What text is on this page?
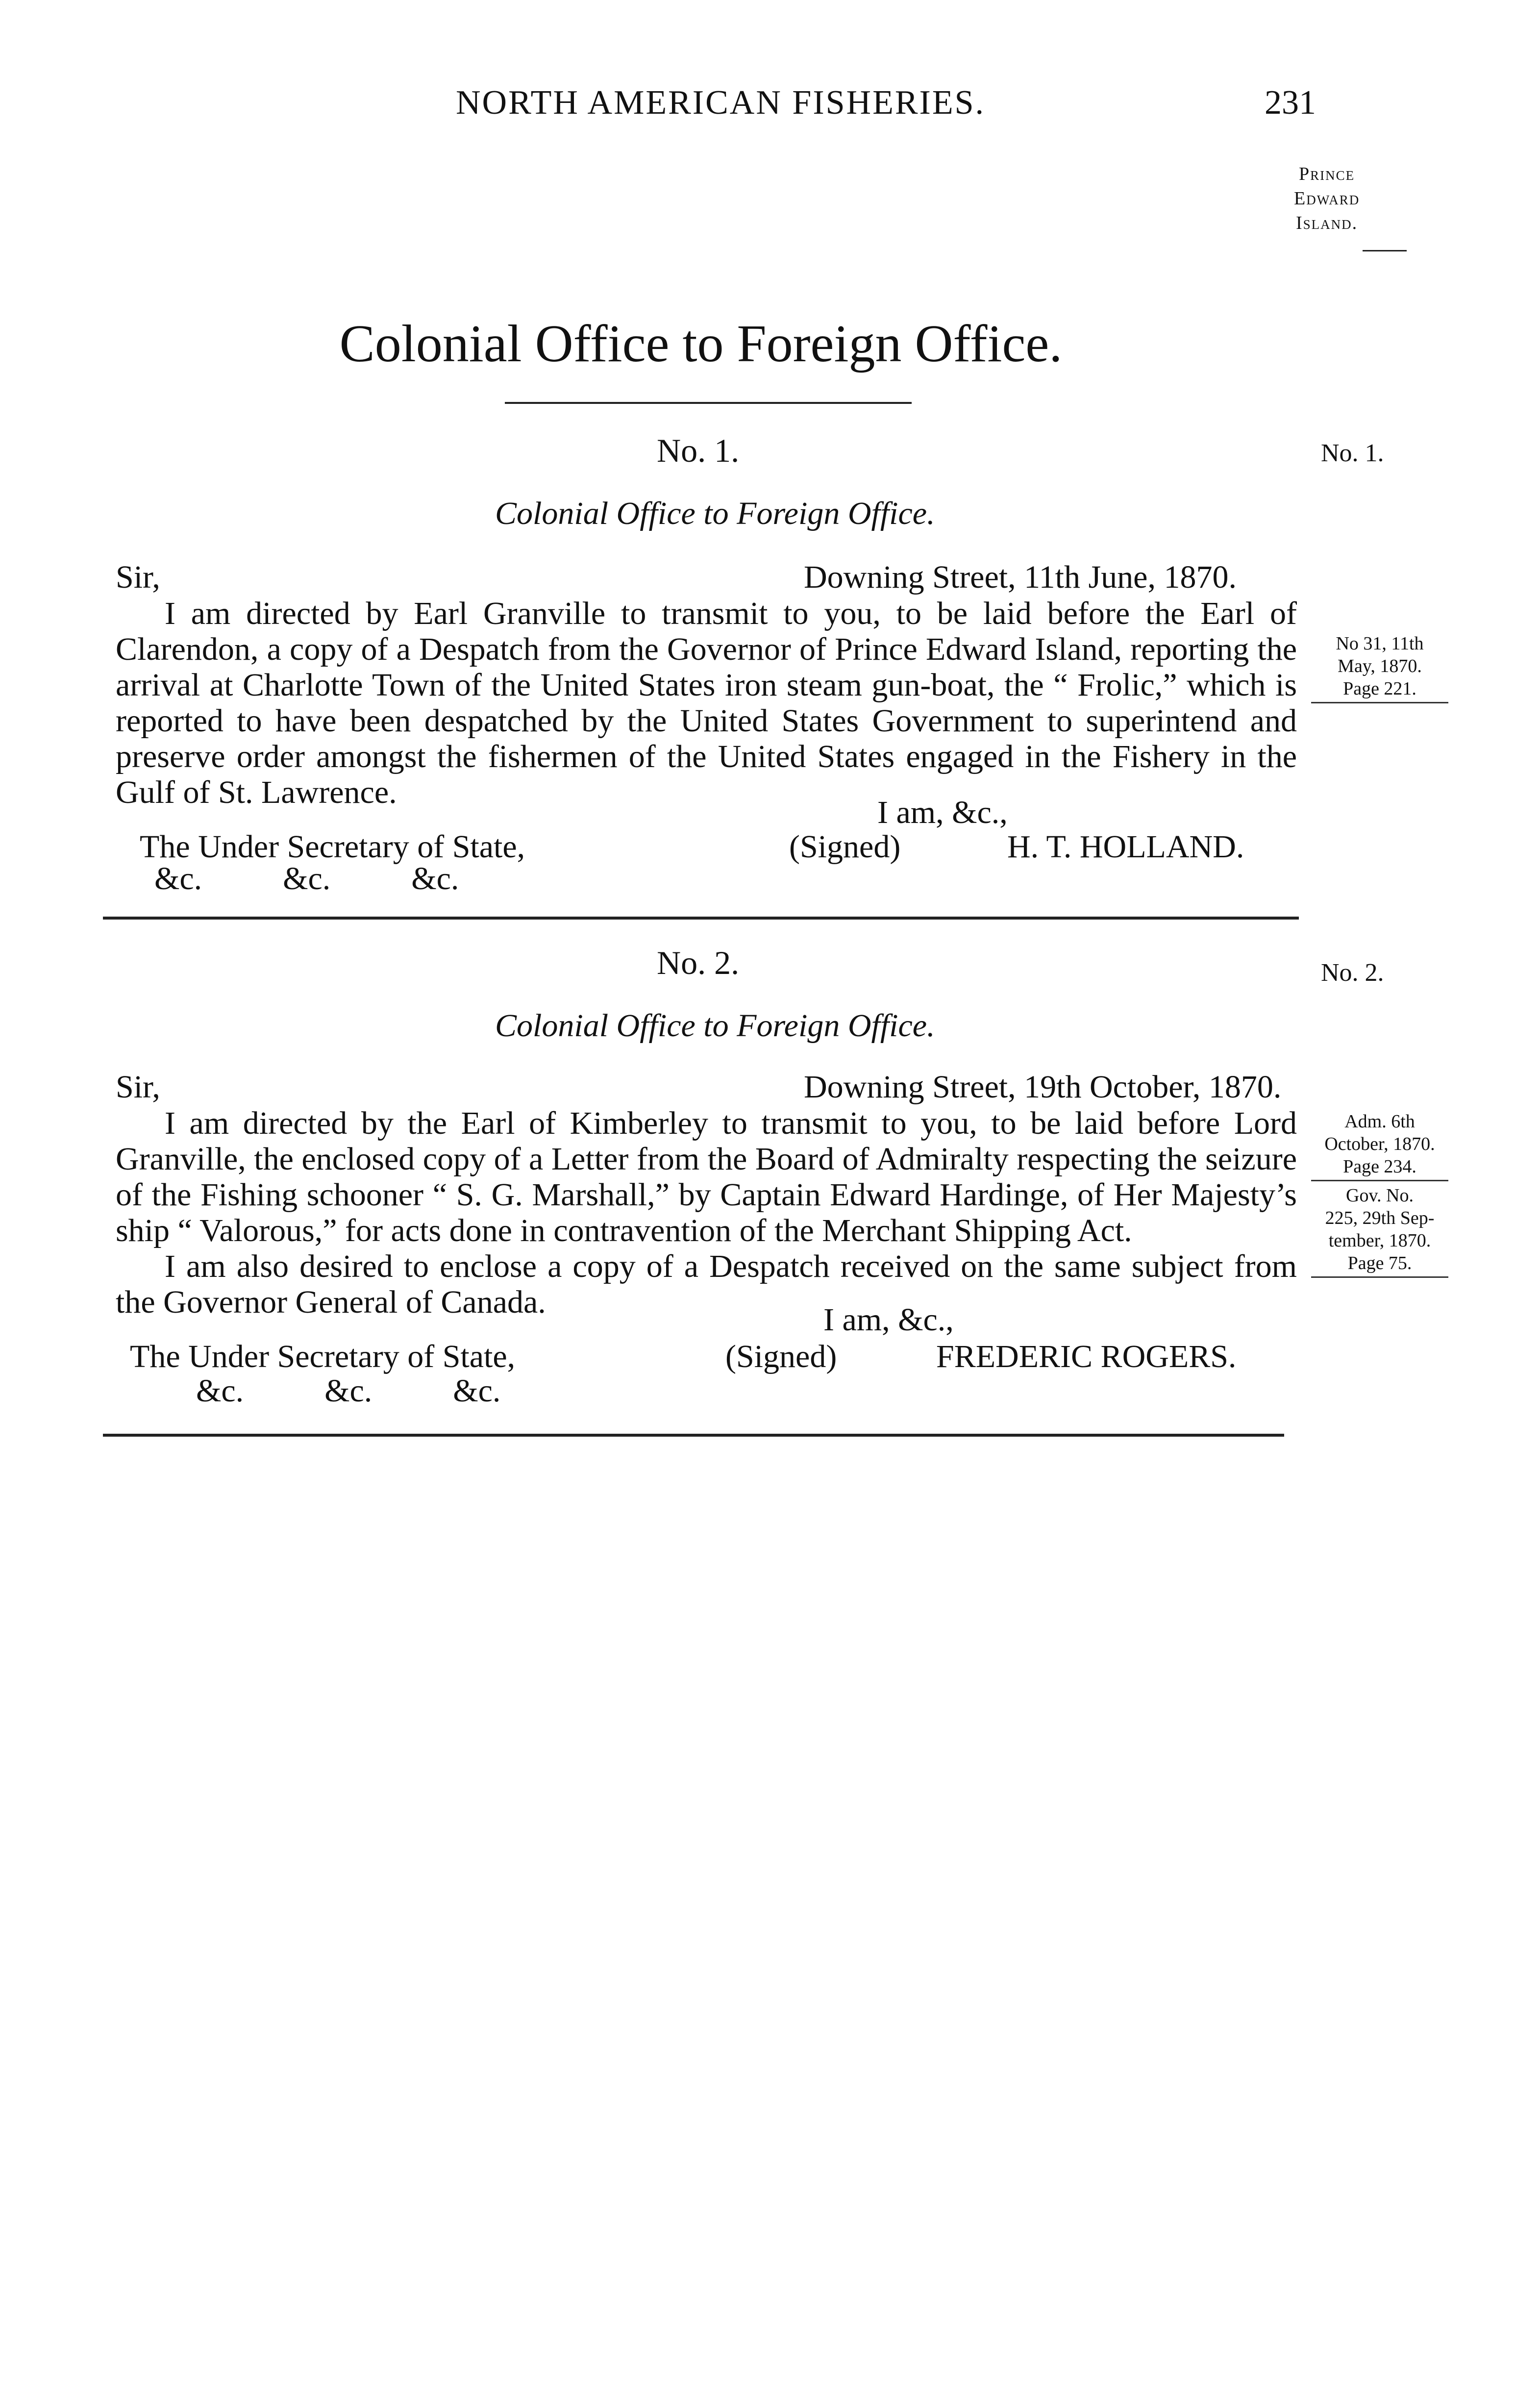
NORTH AMERICAN FISHERIES.	231
Prince
Edward
Island.
Colonial Office to Foreign Office.
No. 1.	No. 1.
Colonial Office to Foreign Office.
Sir,	Downing Street, 11th June, 1870.

I am directed by Earl Granville to transmit to you, to be laid before the Earl of Clarendon, a copy of a Despatch from the Governor of Prince Edward Island, reporting the arrival at Charlotte Town of the United States iron steam gun-boat, the “ Frolic,” which is reported to have been despatched by the United States Government to superintend and preserve order amongst the fishermen of the United States engaged in the Fishery in the Gulf of St. Lawrence.

No 31, 11th
May, 1870.
Page 221.
I am, &c.,
The Under Secretary of State,	(Signed)	H. T. HOLLAND.
&c.          &c.          &c.
No. 2.	No. 2.
Colonial Office to Foreign Office.
Sir,	Downing Street, 19th October, 1870.

I am directed by the Earl of Kimberley to transmit to you, to be laid before Lord Granville, the enclosed copy of a Letter from the Board of Admiralty respecting the seizure of the Fishing schooner “ S. G. Marshall,” by Captain Edward Hardinge, of Her Majesty’s ship “ Valorous,” for acts done in contravention of the Merchant Shipping Act.

I am also desired to enclose a copy of a Despatch received on the same subject from the Governor General of Canada.

Adm. 6th
October, 1870.
Page 234.
Gov. No.
225, 29th Sep-
tember, 1870.
Page 75.
I am, &c.,
The Under Secretary of State,	(Signed)	FREDERIC ROGERS.
&c.          &c.          &c.
